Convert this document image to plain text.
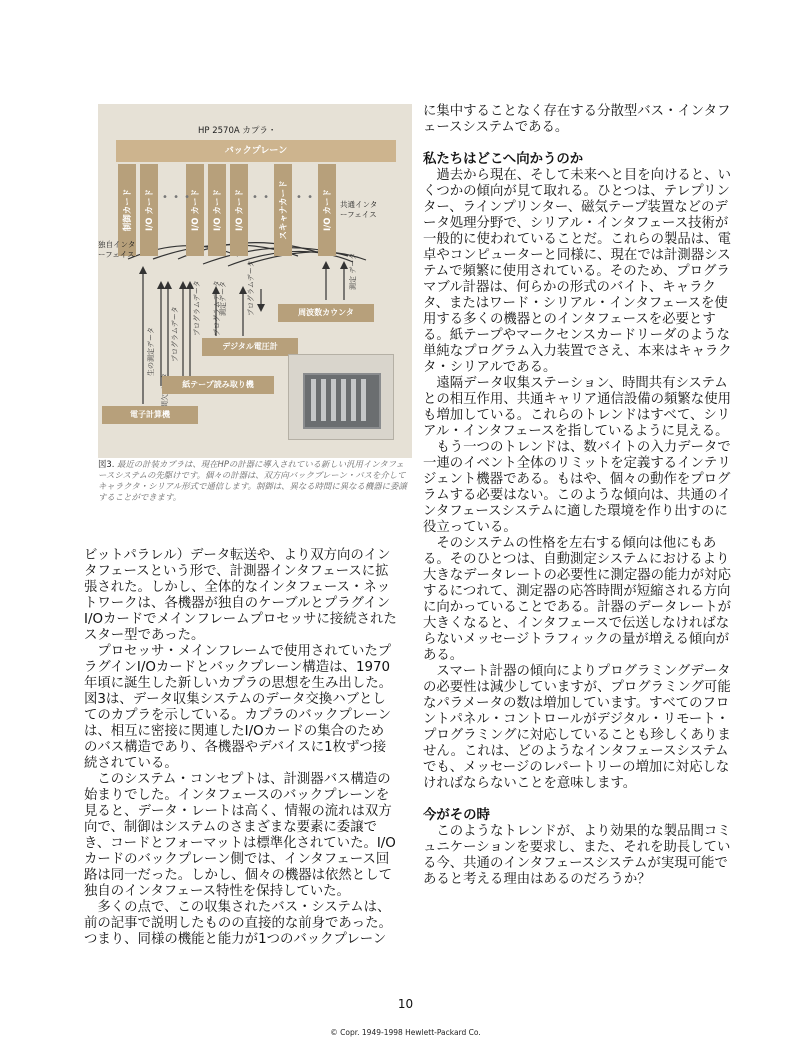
HP 2570A カプラ・
バックプレーン
制御カード I/O カード	I/O カード I/O カード I/O カード	スキャナカード	I/O カード
• • •	• •	• •
共通インタ
ーフェイス
独自インタ
ーフェイス
生の測定データ プログラムデータ プログラムデータ プログラムデータ
測定データ	プログラムデータ	測定 データ
周波数カウンタ
デジタル電圧計
紙テープ読み取り機
電子計算機
図3. 最近の計装カプラは、現在HPの計器に導入されている新しい汎用インタフェースシステムの先駆けです。個々の計器は、双方向バックプレーン・バスを介してキャラクタ・シリアル形式で通信します。制御は、異なる時間に異なる機器に委譲することができます。

ビットパラレル）データ転送や、より双方向のインタフェースという形で、計測器インタフェースに拡張された。しかし、全体的なインタフェース・ネットワークは、各機器が独自のケーブルとプラグインI/Oカードでメインフレームプロセッサに接続されたスター型であった。

プロセッサ・メインフレームで使用されていたプラグインI/Oカードとバックプレーン構造は、1970年頃に誕生した新しいカプラの思想を生み出した。図3は、データ収集システムのデータ交換ハブとしてのカプラを示している。カプラのバックプレーンは、相互に密接に関連したI/Oカードの集合のためのバス構造であり、各機器やデバイスに1枚ずつ接続されている。

このシステム・コンセプトは、計測器バス構造の始まりでした。インタフェースのバックプレーンを見ると、データ・レートは高く、情報の流れは双方向で、制御はシステムのさまざまな要素に委譲でき、コードとフォーマットは標準化されていた。I/Oカードのバックプレーン側では、インタフェース回路は同一だった。しかし、個々の機器は依然として独自のインタフェース特性を保持していた。

多くの点で、この収集されたバス・システムは、前の記事で説明したものの直接的な前身であった。つまり、同様の機能と能力が1つのバックプレーン

に集中することなく存在する分散型バス・インタフェースシステムである。

私たちはどこへ向かうのか

過去から現在、そして未来へと目を向けると、いくつかの傾向が見て取れる。ひとつは、テレプリンター、ラインプリンター、磁気テープ装置などのデータ処理分野で、シリアル・インタフェース技術が一般的に使われていることだ。これらの製品は、電卓やコンピューターと同様に、現在では計測器システムで頻繁に使用されている。そのため、プログラマブル計器は、何らかの形式のバイト、キャラクタ、またはワード・シリアル・インタフェースを使用する多くの機器とのインタフェースを必要とする。紙テープやマークセンスカードリーダのような単純なプログラム入力装置でさえ、本来はキャラクタ・シリアルである。

遠隔データ収集ステーション、時間共有システムとの相互作用、共通キャリア通信設備の頻繁な使用も増加している。これらのトレンドはすべて、シリアル・インタフェースを指しているように見える。

もう一つのトレンドは、数バイトの入力データで一連のイベント全体のリミットを定義するインテリジェント機器である。もはや、個々の動作をプログラムする必要はない。このような傾向は、共通のインタフェースシステムに適した環境を作り出すのに役立っている。

そのシステムの性格を左右する傾向は他にもある。そのひとつは、自動測定システムにおけるより大きなデータレートの必要性に測定器の能力が対応するにつれて、測定器の応答時間が短縮される方向に向かっていることである。計器のデータレートが大きくなると、インタフェースで伝送しなければならないメッセージトラフィックの量が増える傾向がある。

スマート計器の傾向によりプログラミングデータの必要性は減少していますが、プログラミング可能なパラメータの数は増加しています。すべてのフロントパネル・コントロールがデジタル・リモート・プログラミングに対応していることも珍しくありません。これは、どのようなインタフェースシステムでも、メッセージのレパートリーの増加に対応しなければならないことを意味します。

今がその時

このようなトレンドが、より効果的な製品間コミュニケーションを要求し、また、それを助長している今、共通のインタフェースシステムが実現可能であると考える理由はあるのだろうか？

10
© Copr. 1949-1998 Hewlett-Packard Co.
